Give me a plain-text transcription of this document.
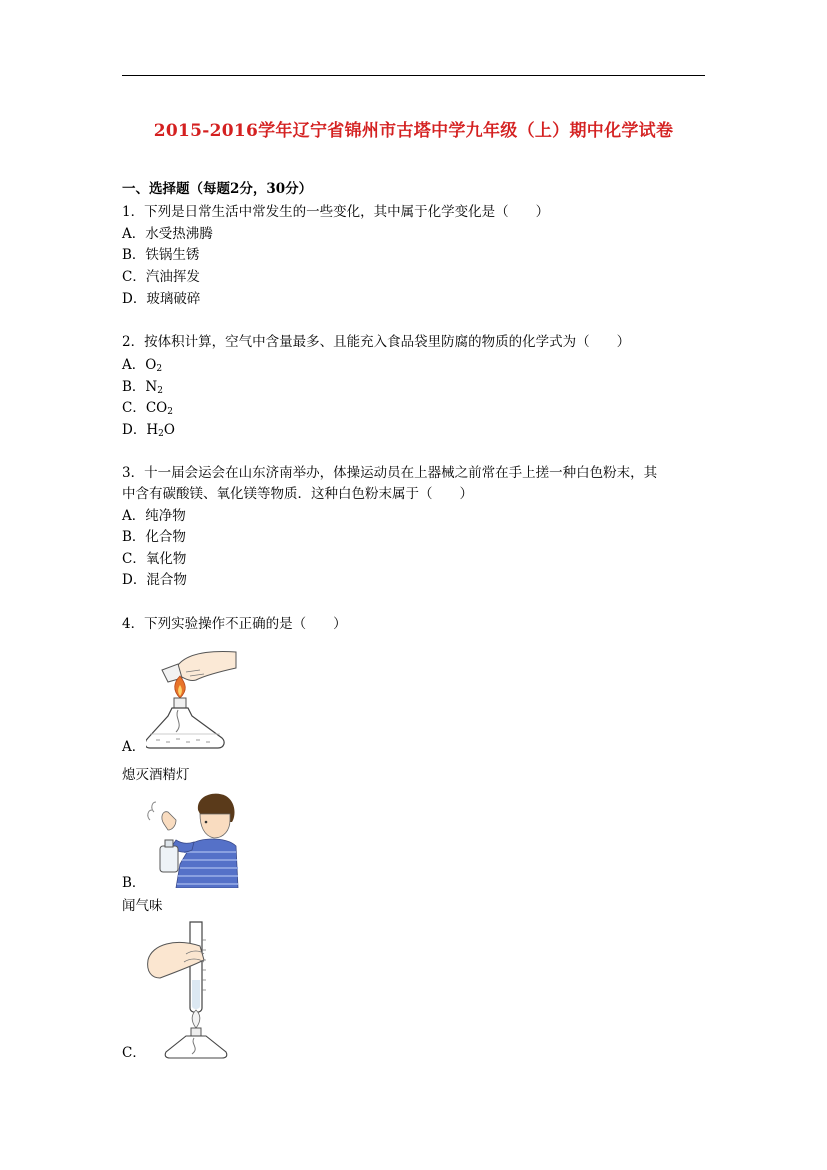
2015-2016学年辽宁省锦州市古塔中学九年级（上）期中化学试卷
一、选择题（每题2分，30分）
1．下列是日常生活中常发生的一些变化，其中属于化学变化是（　　）
A．水受热沸腾
B．铁锅生锈
C．汽油挥发
D．玻璃破碎
2．按体积计算，空气中含量最多、且能充入食品袋里防腐的物质的化学式为（　　）
A．$O_2$
B．$N_2$
C．$CO_2$
D．$H_2O$
3．十一届会运会在山东济南举办，体操运动员在上器械之前常在手上搓一种白色粉末，其
中含有碳酸镁、氧化镁等物质．这种白色粉末属于（　　）
A．纯净物
B．化合物
C．氧化物
D．混合物
4．下列实验操作不正确的是（　　）
A．
熄灭酒精灯
B．
闻气味
C．
